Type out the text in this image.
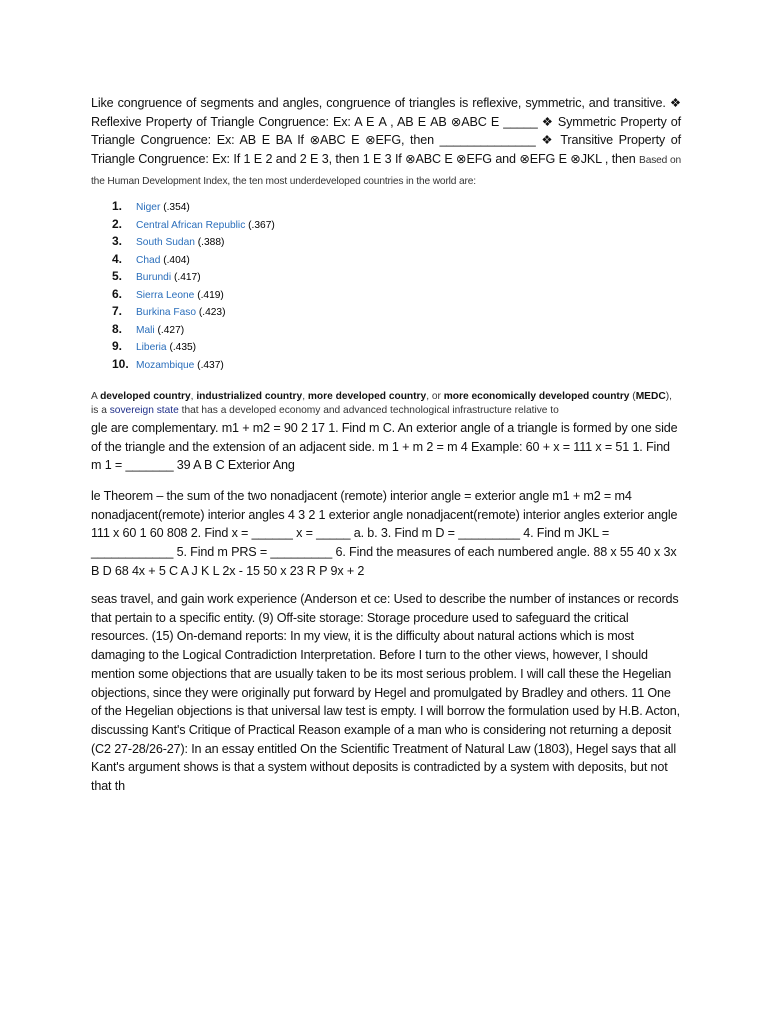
Like congruence of segments and angles, congruence of triangles is reflexive, symmetric, and transitive. ❖ Reflexive Property of Triangle Congruence: Ex: A Ε A , AB Ε AB ⊗ABC Ε _____ ❖ Symmetric Property of Triangle Congruence: Ex: AB Ε BA If ⊗ABC Ε ⊗EFG, then ______________ ❖ Transitive Property of Triangle Congruence: Ex: If 1 Ε 2 and 2 Ε 3, then 1 Ε 3 If ⊗ABC Ε ⊗EFG and ⊗EFG Ε ⊗JKL , then Based on the Human Development Index, the ten most underdeveloped countries in the world are:
1.	Niger (.354)
2.	Central African Republic (.367)
3.	South Sudan (.388)
4.	Chad (.404)
5.	Burundi (.417)
6.	Sierra Leone (.419)
7.	Burkina Faso (.423)
8.	Mali (.427)
9.	Liberia (.435)
10. Mozambique (.437)
A developed country, industrialized country, more developed country, or more economically developed country (MEDC), is a sovereign state that has a developed economy and advanced technological infrastructure relative to
gle are complementary. m1 + m2 = 90 2 17 1. Find m C. An exterior angle of a triangle is formed by one side of the triangle and the extension of an adjacent side. m 1 + m 2 = m 4 Example: 60 + x = 111 x = 51 1. Find m 1 = _______ 39 A B C Exterior Ang
le Theorem – the sum of the two nonadjacent (remote) interior angle = exterior angle m1 + m2 = m4 nonadjacent(remote) interior angles 4 3 2 1 exterior angle nonadjacent(remote) interior angles exterior angle 111 x 60 1 60 808 2. Find x = ______ x = _____ a. b. 3. Find m D = _________ 4. Find m JKL = ____________ 5. Find m PRS = _________ 6. Find the measures of each numbered angle. 88 x 55 40 x 3x B D 68 4x + 5 C A J K L 2x - 15 50 x 23 R P 9x + 2
seas travel, and gain work experience (Anderson et ce: Used to describe the number of instances or records that pertain to a specific entity. (9) Off-site storage: Storage procedure used to safeguard the critical resources. (15) On-demand reports: In my view, it is the difficulty about natural actions which is most damaging to the Logical Contradiction Interpretation. Before I turn to the other views, however, I should mention some objections that are usually taken to be its most serious problem. I will call these the Hegelian objections, since they were originally put forward by Hegel and promulgated by Bradley and others. 11 One of the Hegelian objections is that universal law test is empty. I will borrow the formulation used by H.B. Acton, discussing Kant's Critique of Practical Reason example of a man who is considering not returning a deposit (C2 27-28/26-27): In an essay entitled On the Scientific Treatment of Natural Law (1803), Hegel says that all Kant's argument shows is that a system without deposits is contradicted by a system with deposits, but not that th
